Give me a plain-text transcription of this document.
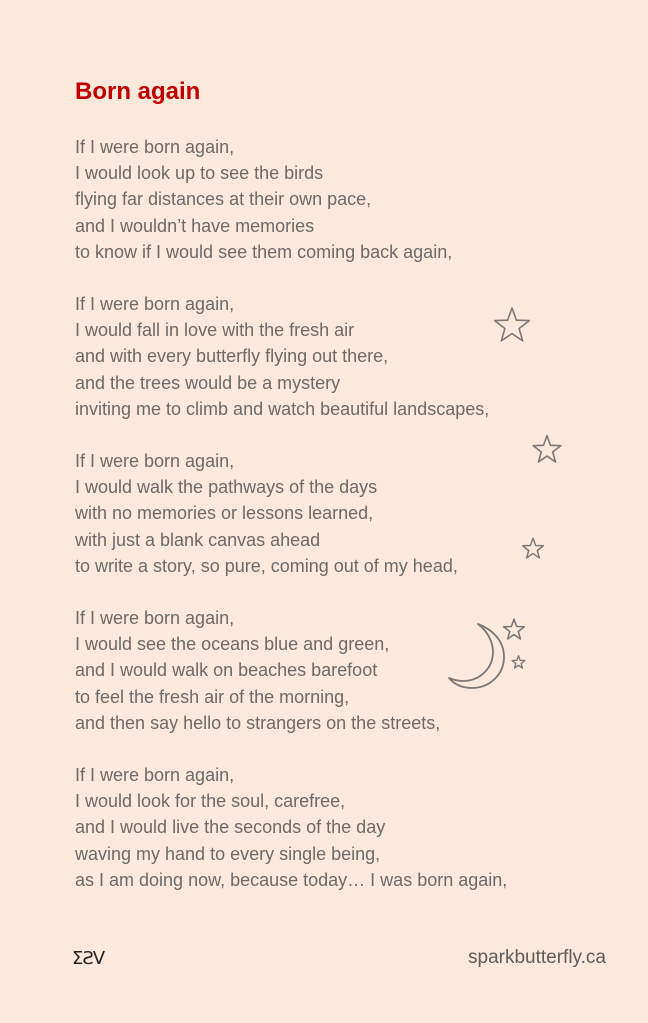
Born again
If I were born again,
I would look up to see the birds
flying far distances at their own pace,
and I wouldn’t have memories
to know if I would see them coming back again,
If I were born again,
I would fall in love with the fresh air
and with every butterfly flying out there,
and the trees would be a mystery
inviting me to climb and watch beautiful landscapes,
If I were born again,
I would walk the pathways of the days
with no memories or lessons learned,
with just a blank canvas ahead
to write a story, so pure, coming out of my head,
If I were born again,
I would see the oceans blue and green,
and I would walk on beaches barefoot
to feel the fresh air of the morning,
and then say hello to strangers on the streets,
If I were born again,
I would look for the soul, carefree,
and I would live the seconds of the day
waving my hand to every single being,
as I am doing now, because today… I was born again,
ƩƧV	sparkbutterfly.ca
